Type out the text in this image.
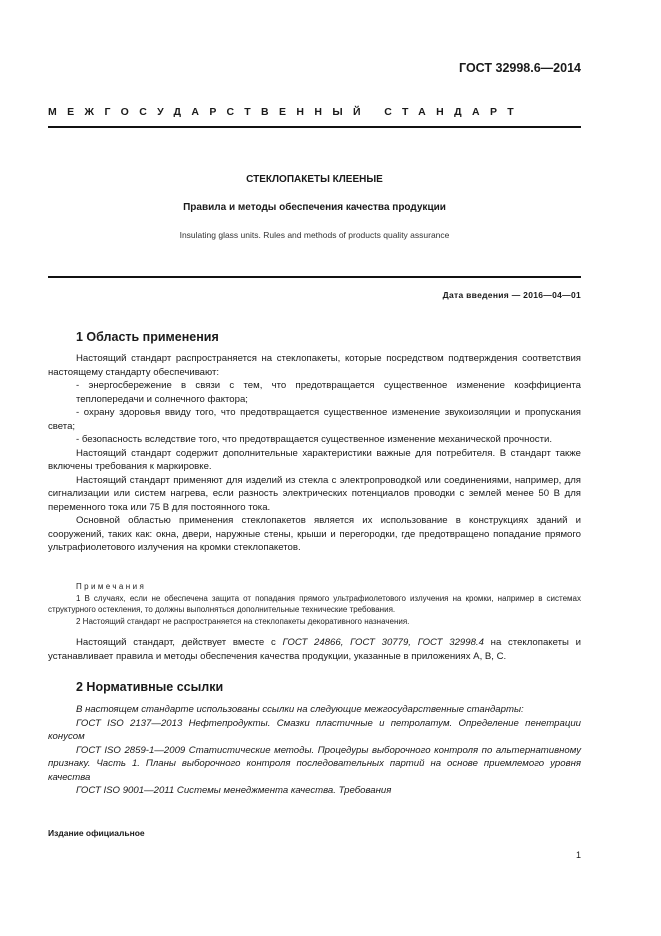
ГОСТ 32998.6—2014
МЕЖГОСУДАРСТВЕННЫЙ СТАНДАРТ
СТЕКЛОПАКЕТЫ КЛЕЕНЫЕ
Правила и методы обеспечения качества продукции
Insulating glass units. Rules and methods of products quality assurance
Дата введения — 2016—04—01
1 Область применения

Настоящий стандарт распространяется на стеклопакеты, которые посредством подтверждения соответствия настоящему стандарту обеспечивают:

- энергосбережение в связи с тем, что предотвращается существенное изменение коэффициента теплопередачи и солнечного фактора;

- охрану здоровья ввиду того, что предотвращается существенное изменение звукоизоляции и пропускания света;

- безопасность вследствие того, что предотвращается существенное изменение механической прочности.

Настоящий стандарт содержит дополнительные характеристики важные для потребителя. В стандарт также включены требования к маркировке.

Настоящий стандарт применяют для изделий из стекла с электропроводкой или соединениями, например, для сигнализации или систем нагрева, если разность электрических потенциалов проводки с землей менее 50 В для переменного тока или 75 В для постоянного тока.

Основной областью применения стеклопакетов является их использование в конструкциях зданий и сооружений, таких как: окна, двери, наружные стены, крыши и перегородки, где предотвращено попадание прямого ультрафиолетового излучения на кромки стеклопакетов.

Примечания

1 В случаях, если не обеспечена защита от попадания прямого ультрафиолетового излучения на кромки, например в системах структурного остекления, то должны выполняться дополнительные технические требования.

2 Настоящий стандарт не распространяется на стеклопакеты декоративного назначения.

Настоящий стандарт, действует вместе с ГОСТ 24866, ГОСТ 30779, ГОСТ 32998.4 на стеклопакеты и устанавливает правила и методы обеспечения качества продукции, указанные в приложениях А, В, С.

2 Нормативные ссылки

В настоящем стандарте использованы ссылки на следующие межгосударственные стандарты:

ГОСТ ISO 2137—2013 Нефтепродукты. Смазки пластичные и петролатум. Определение пенетрации конусом

ГОСТ ISO 2859-1—2009 Статистические методы. Процедуры выборочного контроля по альтернативному признаку. Часть 1. Планы выборочного контроля последовательных партий на основе приемлемого уровня качества

ГОСТ ISO 9001—2011 Системы менеджмента качества. Требования

Издание официальное
1
